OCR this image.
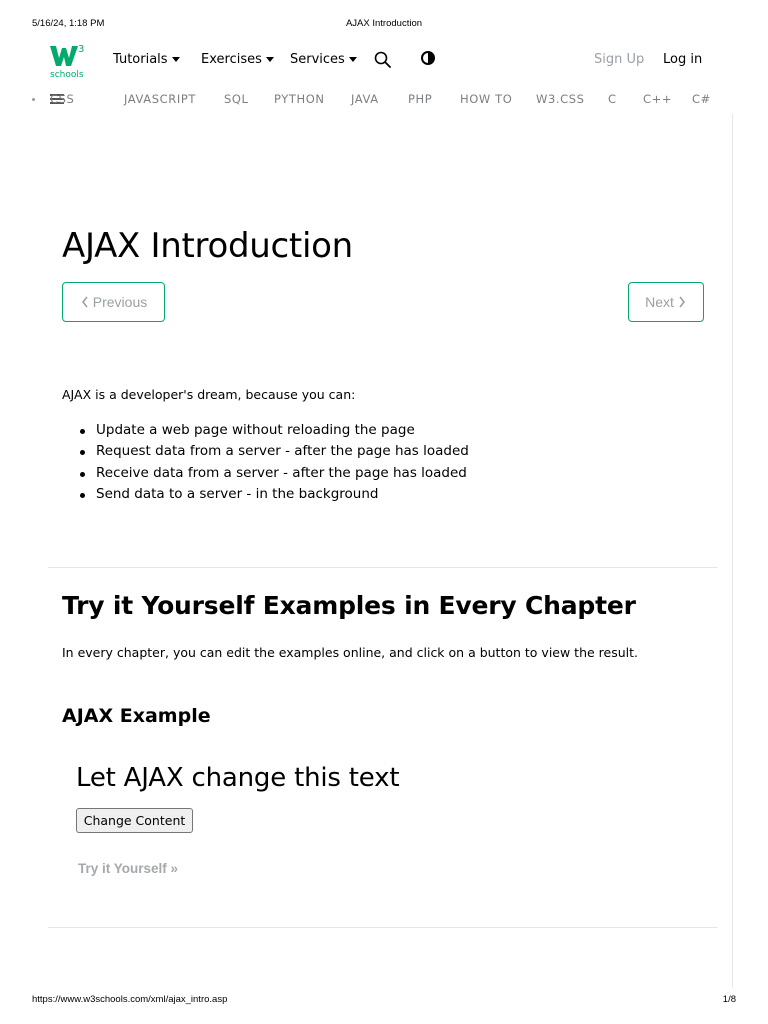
5/16/24, 1:18 PM	AJAX Introduction
3
schools
Tutorials	Exercises Services	Sign Up Log in
CSS	JAVASCRIPT SQL PYTHON JAVA	PHP HOW TO W3.CSS C C++ C#
AJAX Introduction
Previous	Next

AJAX is a developer's dream, because you can:

Update a web page without reloading the page
Request data from a server - after the page has loaded
Receive data from a server - after the page has loaded
Send data to a server - in the background
Try it Yourself Examples in Every Chapter

In every chapter, you can edit the examples online, and click on a button to view the result.

AJAX Example
Let AJAX change this text
Change Content
Try it Yourself »
https://www.w3schools.com/xml/ajax_intro.asp	1/8
